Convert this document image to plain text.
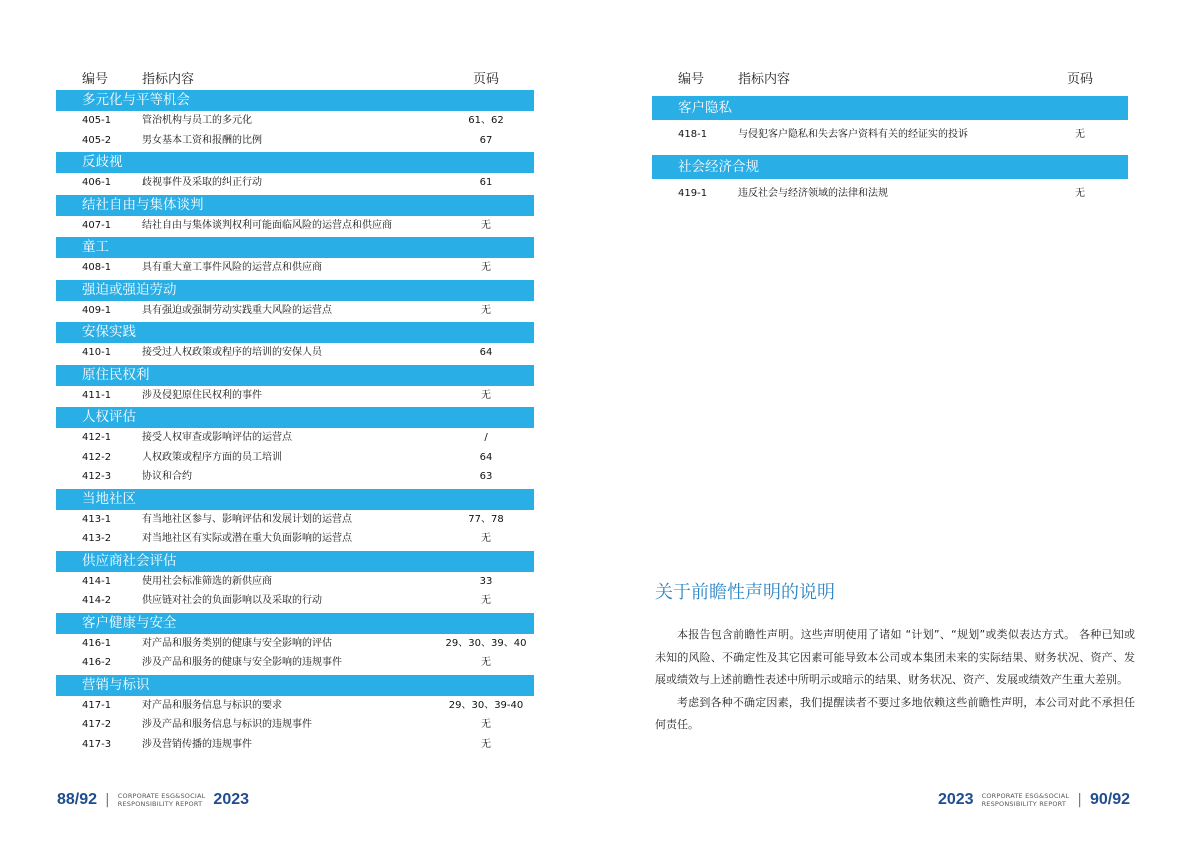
编号	指标内容	页码
多元化与平等机会
405-1	管治机构与员工的多元化	61、62
405-2	男女基本工资和报酬的比例	67
反歧视
406-1	歧视事件及采取的纠正行动	61
结社自由与集体谈判
407-1	结社自由与集体谈判权利可能面临风险的运营点和供应商	无
童工
408-1	具有重大童工事件风险的运营点和供应商	无
强迫或强迫劳动
409-1	具有强迫或强制劳动实践重大风险的运营点	无
安保实践
410-1	接受过人权政策或程序的培训的安保人员	64
原住民权利
411-1	涉及侵犯原住民权利的事件	无
人权评估
412-1	接受人权审查或影响评估的运营点	/
412-2	人权政策或程序方面的员工培训	64
412-3	协议和合约	63
当地社区
413-1	有当地社区参与、影响评估和发展计划的运营点	77、78
413-2	对当地社区有实际或潜在重大负面影响的运营点	无
供应商社会评估
414-1	使用社会标准筛选的新供应商	33
414-2	供应链对社会的负面影响以及采取的行动	无
客户健康与安全
416-1	对产品和服务类别的健康与安全影响的评估	29、30、39、40
416-2	涉及产品和服务的健康与安全影响的违规事件	无
营销与标识
417-1	对产品和服务信息与标识的要求	29、30、39-40
417-2	涉及产品和服务信息与标识的违规事件	无
417-3	涉及营销传播的违规事件	无
编号	指标内容	页码
客户隐私
418-1	与侵犯客户隐私和失去客户资料有关的经证实的投诉	无
社会经济合规
419-1	违反社会与经济领域的法律和法规	无
关于前瞻性声明的说明

本报告包含前瞻性声明。这些声明使用了诸如 “计划”、“规划”或类似表达方式。 各种已知或未知的风险、不确定性及其它因素可能导致本公司或本集团未来的实际结果、财务状况、资产、发展或绩效与上述前瞻性表述中所明示或暗示的结果、财务状况、资产、发展或绩效产生重大差别。

考虑到各种不确定因素，我们提醒读者不要过多地依赖这些前瞻性声明，本公司对此不承担任何责任。

88/92 | CORPORATE ESG&SOCIAL
RESPONSIBILITY REPORT 2023	2023 CORPORATE ESG&SOCIAL
RESPONSIBILITY REPORT | 90/92
